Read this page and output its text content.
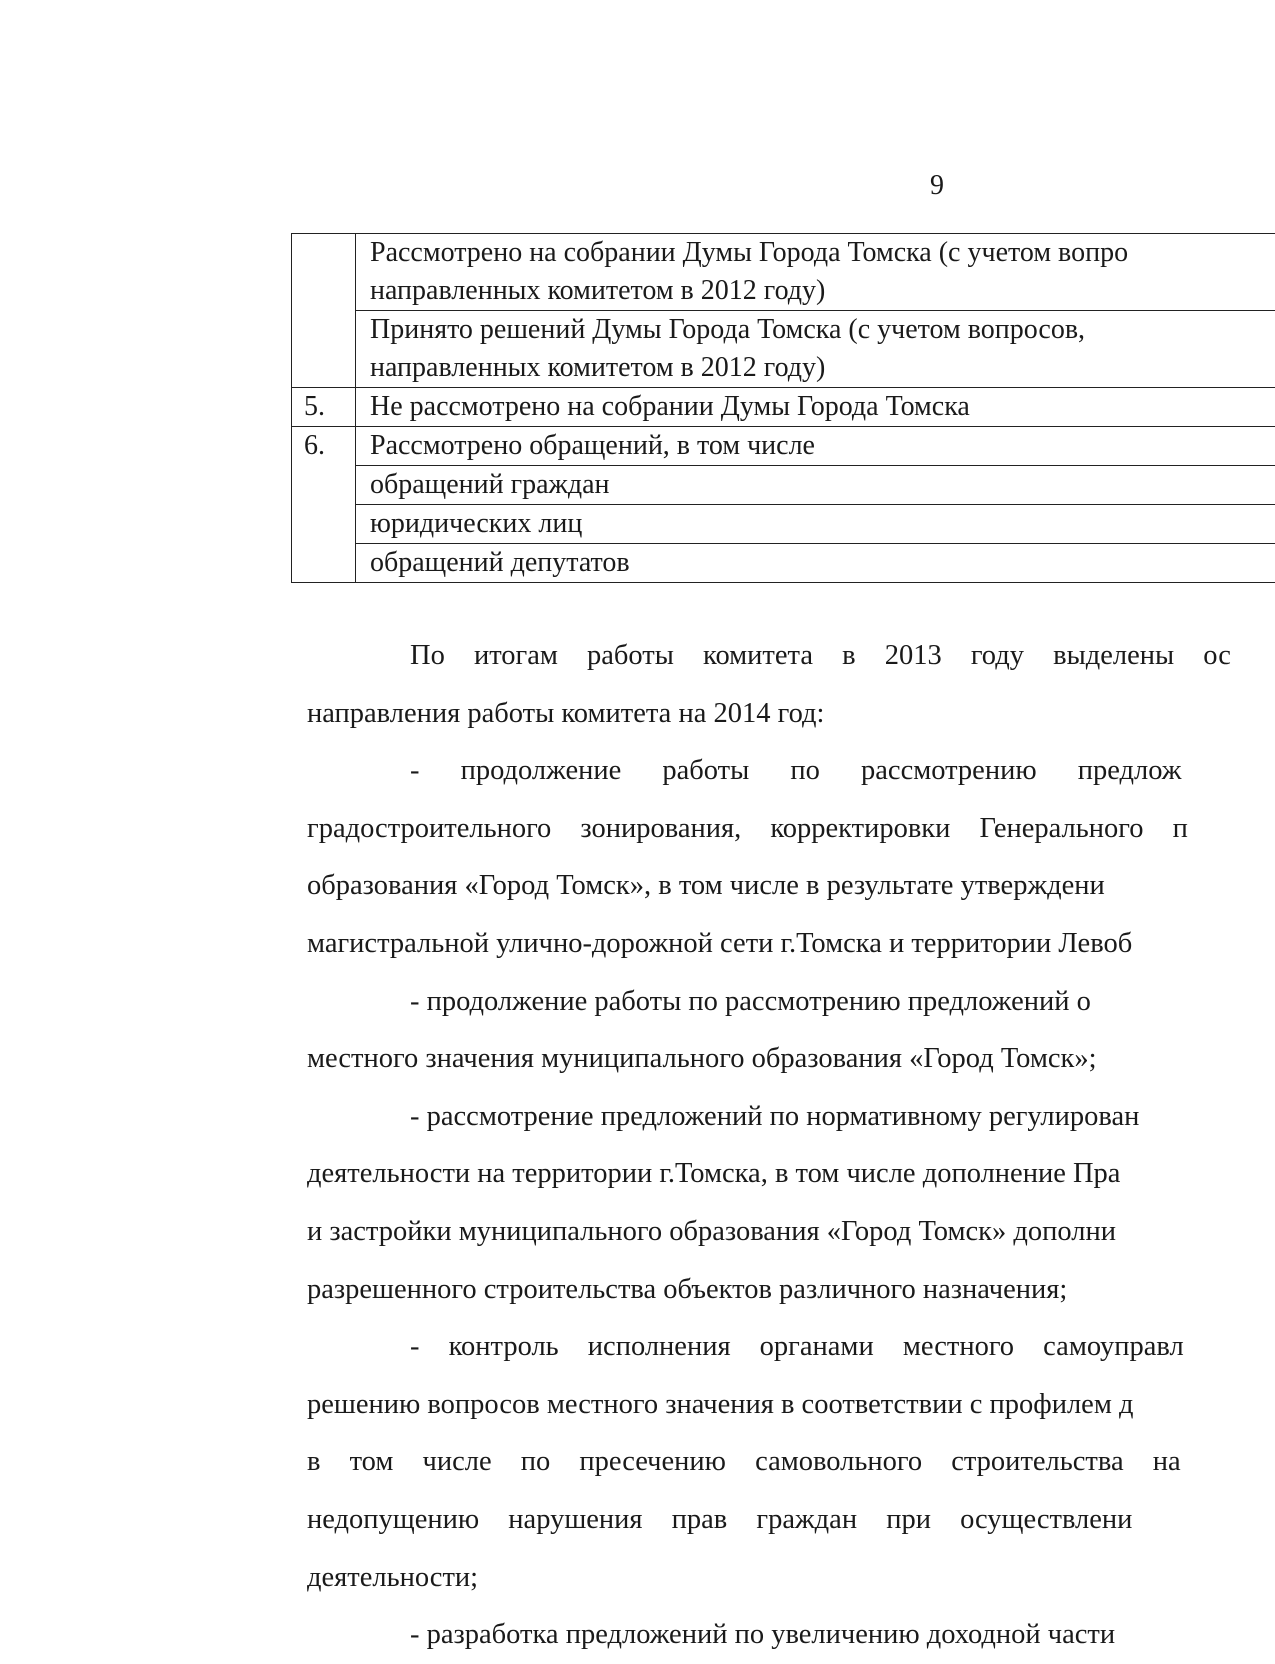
9

	Рассмотрено на собрании Думы Города Томска (с учетом вопро
направленных комитетом в 2012 году)

	Принято решений Думы Города Томска (с учетом вопросов,
направленных комитетом в 2012 году)

5.	Не рассмотрено на собрании Думы Города Томска
6.	Рассмотрено обращений, в том числе
	обращений граждан
	юридических лиц
	обращений депутатов

По итогам работы комитета в 2013 году выделены ос

направления работы комитета на 2014 год:

- продолжение работы по рассмотрению предлож

градостроительного зонирования, корректировки Генерального п

образования «Город Томск», в том числе в результате утверждени

магистральной улично-дорожной сети г.Томска и территории Левоб

- продолжение работы по рассмотрению предложений о

местного значения муниципального образования «Город Томск»;

- рассмотрение предложений по нормативному регулирован

деятельности на территории г.Томска, в том числе дополнение Пра

и застройки муниципального образования «Город Томск» дополни

разрешенного строительства объектов различного назначения;

- контроль исполнения органами местного самоуправл

решению вопросов местного значения в соответствии с профилем д

в том числе по пресечению самовольного строительства на

недопущению нарушения прав граждан при осуществлени

деятельности;

- разработка предложений по увеличению доходной части
